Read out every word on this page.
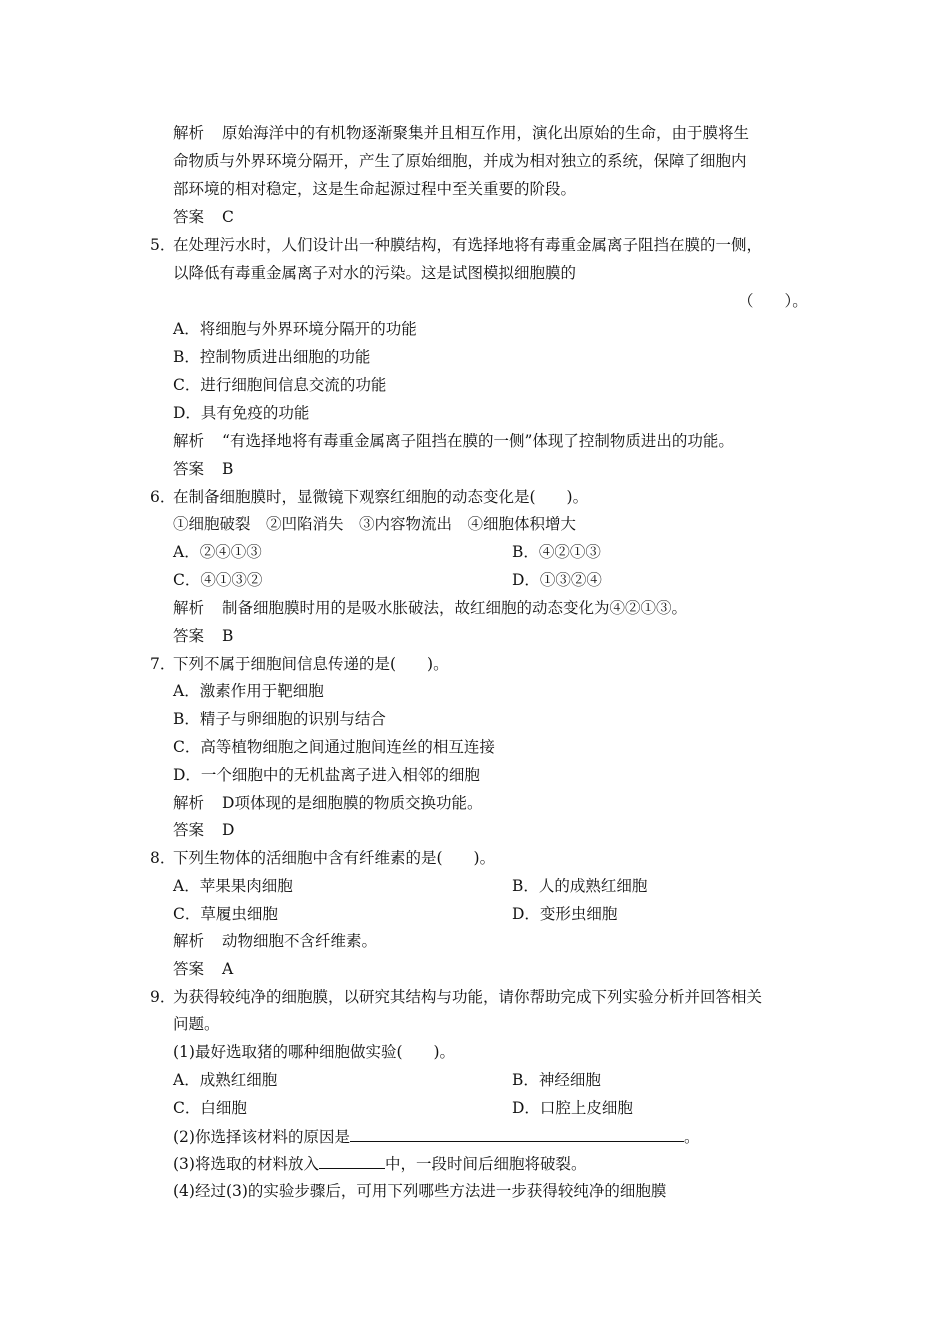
解析 原始海洋中的有机物逐渐聚集并且相互作用，演化出原始的生命，由于膜将生
命物质与外界环境分隔开，产生了原始细胞，并成为相对独立的系统，保障了细胞内
部环境的相对稳定，这是生命起源过程中至关重要的阶段。
答案 C
5．在处理污水时，人们设计出一种膜结构，有选择地将有毒重金属离子阻挡在膜的一侧，
以降低有毒重金属离子对水的污染。这是试图模拟细胞膜的
（　　）。
A．将细胞与外界环境分隔开的功能
B．控制物质进出细胞的功能
C．进行细胞间信息交流的功能
D．具有免疫的功能
解析 “有选择地将有毒重金属离子阻挡在膜的一侧”体现了控制物质进出的功能。
答案 B
6．在制备细胞膜时，显微镜下观察红细胞的动态变化是(　　)。
①细胞破裂　②凹陷消失　③内容物流出　④细胞体积增大
A．②④①③	B．④②①③
C．④①③②	D．①③②④
解析 制备细胞膜时用的是吸水胀破法，故红细胞的动态变化为④②①③。
答案 B
7．下列不属于细胞间信息传递的是(　　)。
A．激素作用于靶细胞
B．精子与卵细胞的识别与结合
C．高等植物细胞之间通过胞间连丝的相互连接
D．一个细胞中的无机盐离子进入相邻的细胞
解析 D项体现的是细胞膜的物质交换功能。
答案 D
8．下列生物体的活细胞中含有纤维素的是(　　)。
A．苹果果肉细胞	B．人的成熟红细胞
C．草履虫细胞	D．变形虫细胞
解析 动物细胞不含纤维素。
答案 A
9．为获得较纯净的细胞膜，以研究其结构与功能，请你帮助完成下列实验分析并回答相关
问题。
(1)最好选取猪的哪种细胞做实验(　　)。
A．成熟红细胞	B．神经细胞
C．白细胞	D．口腔上皮细胞
(2)你选择该材料的原因是	。
(3)将选取的材料放入	中，一段时间后细胞将破裂。
(4)经过(3)的实验步骤后，可用下列哪些方法进一步获得较纯净的细胞膜
